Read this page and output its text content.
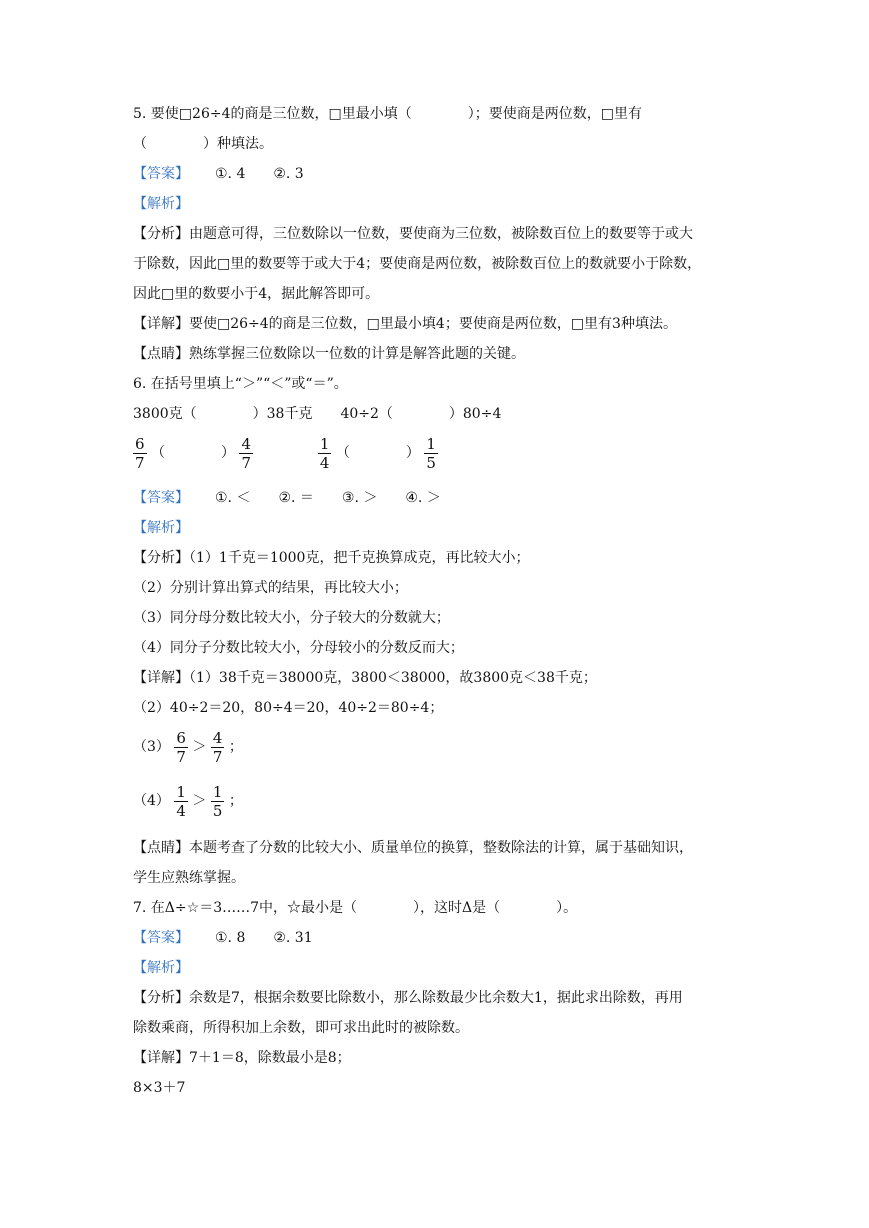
5. 要使□26÷4的商是三位数，□里最小填（　　　　）；要使商是两位数，□里有
（　　　　）种填法。
【答案】 ①. 4　　②. 3
【解析】
【分析】由题意可得，三位数除以一位数，要使商为三位数，被除数百位上的数要等于或大
于除数，因此□里的数要等于或大于4；要使商是两位数，被除数百位上的数就要小于除数，
因此□里的数要小于4，据此解答即可。
【详解】要使□26÷4的商是三位数，□里最小填4；要使商是两位数，□里有3种填法。
【点睛】熟练掌握三位数除以一位数的计算是解答此题的关键。
6. 在括号里填上“＞”“＜”或“＝”。
3800克（　　　　）38千克　　40÷2（　　　　）80÷4
$\frac{6}{7}$ （　　　　） $\frac{4}{7}$
	$\frac{1}{4}$ （　　　　） $\frac{1}{5}$
【答案】 ①. ＜　　②. ＝　　③. ＞　　④. ＞
【解析】
【分析】（1）1千克＝1000克，把千克换算成克，再比较大小；
（2）分别计算出算式的结果，再比较大小；
（3）同分母分数比较大小，分子较大的分数就大；
（4）同分子分数比较大小，分母较小的分数反而大；
【详解】（1）38千克＝38000克，3800＜38000，故3800克＜38千克；
（2）40÷2＝20，80÷4＝20，40÷2＝80÷4；
$(3) \frac{6}{7} > \frac{4}{7}$ ；
$(4) \frac{1}{4} > \frac{1}{5}$ ；
【点睛】本题考查了分数的比较大小、质量单位的换算，整数除法的计算，属于基础知识，
学生应熟练掌握。
7. 在Δ÷☆＝3……7中，☆最小是（　　　　），这时Δ是（　　　　）。
【答案】 ①. 8　　②. 31
【解析】
【分析】余数是7，根据余数要比除数小，那么除数最少比余数大1，据此求出除数，再用
除数乘商，所得积加上余数，即可求出此时的被除数。
【详解】7＋1＝8，除数最小是8；
8×3＋7
